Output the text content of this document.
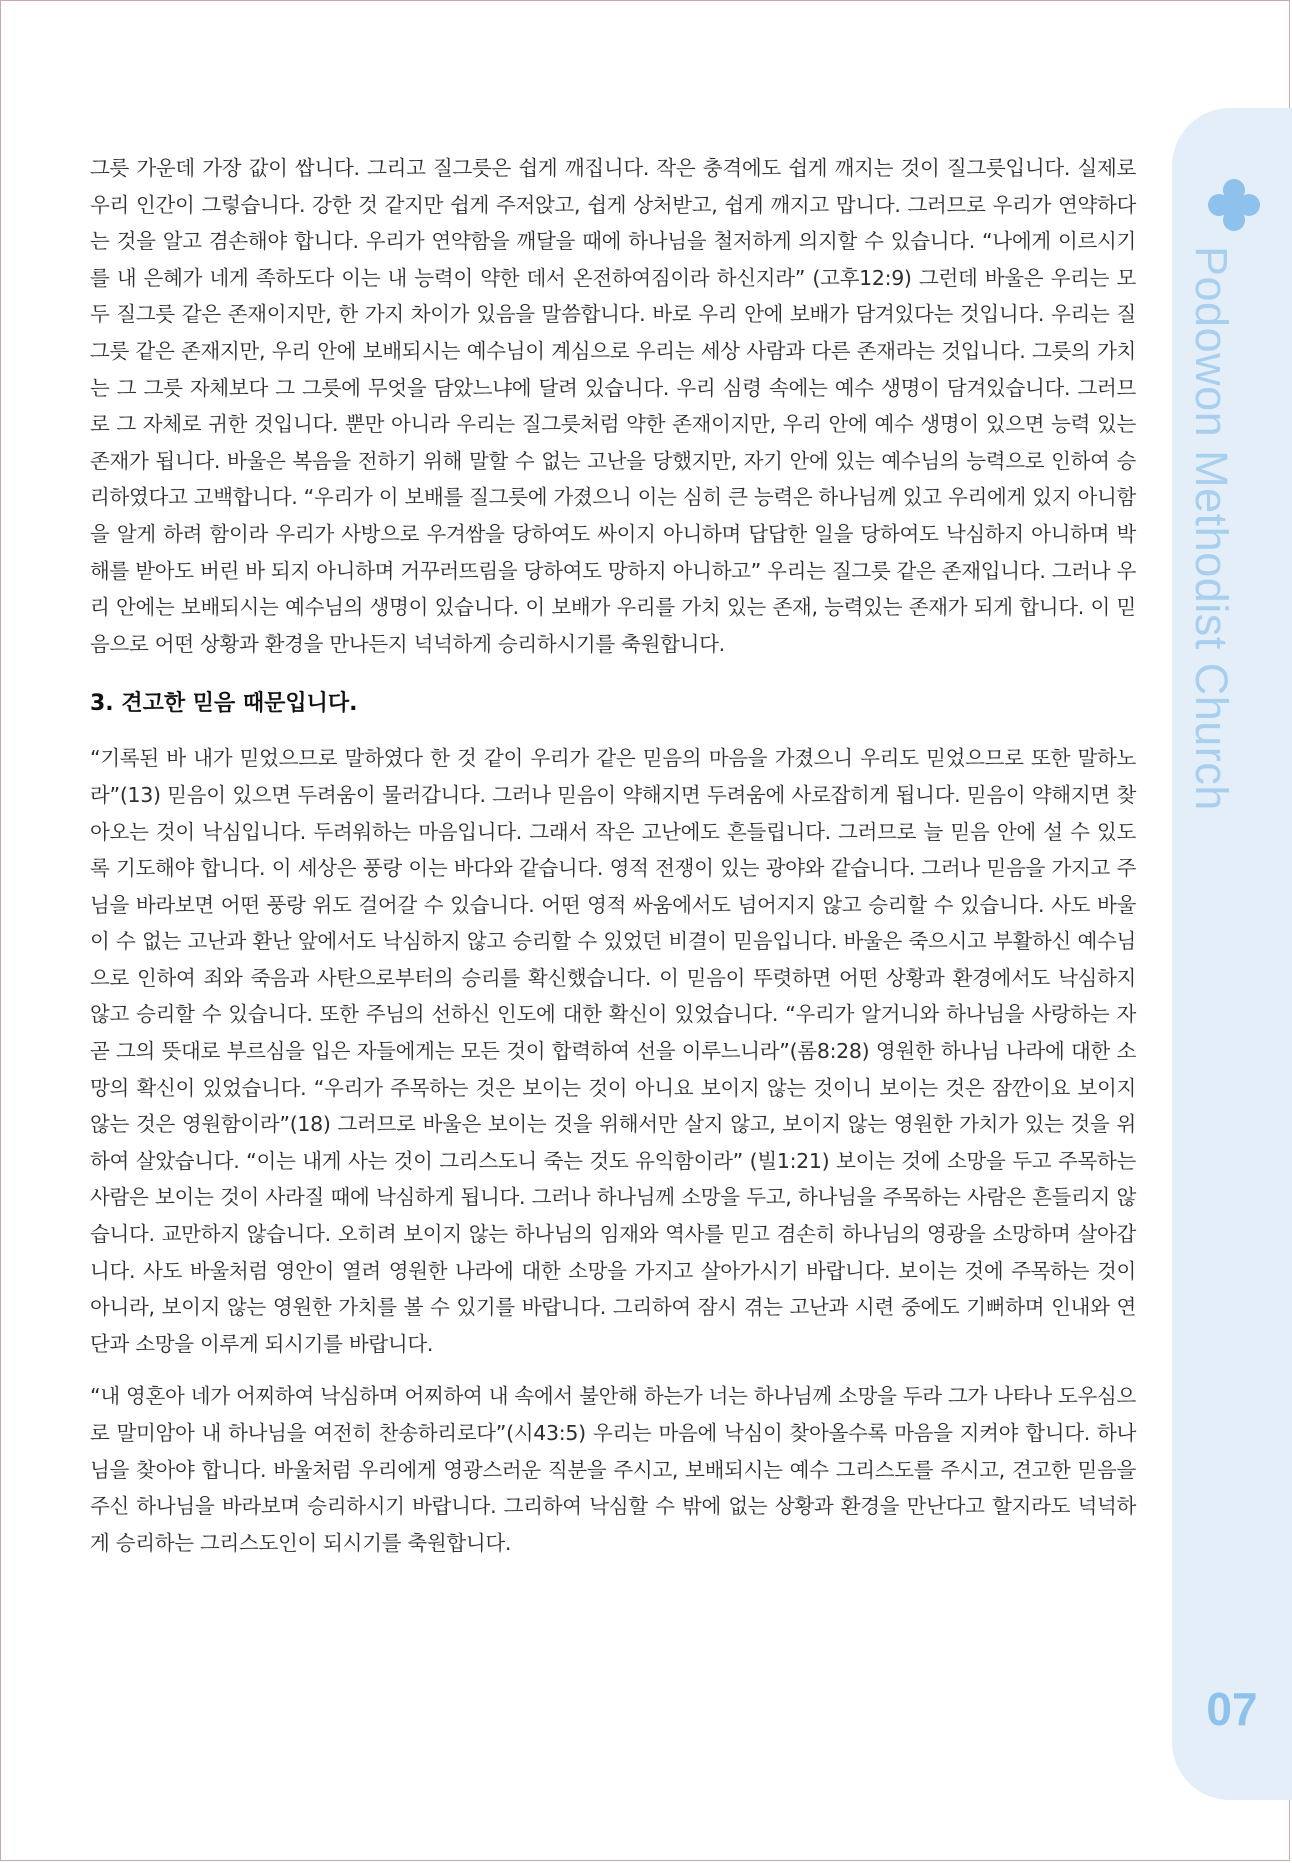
Podowon Methodist Church
07

그릇 가운데 가장 값이 쌉니다. 그리고 질그릇은 쉽게 깨집니다. 작은 충격에도 쉽게 깨지는 것이 질그릇입니다. 실제로 우리 인간이 그렇습니다. 강한 것 같지만 쉽게 주저앉고, 쉽게 상처받고, 쉽게 깨지고 맙니다. 그러므로 우리가 연약하다는 것을 알고 겸손해야 합니다. 우리가 연약함을 깨달을 때에 하나님을 철저하게 의지할 수 있습니다. “나에게 이르시기를 내 은혜가 네게 족하도다 이는 내 능력이 약한 데서 온전하여짐이라 하신지라” (고후12:9) 그런데 바울은 우리는 모두 질그릇 같은 존재이지만, 한 가지 차이가 있음을 말씀합니다. 바로 우리 안에 보배가 담겨있다는 것입니다. 우리는 질그릇 같은 존재지만, 우리 안에 보배되시는 예수님이 계심으로 우리는 세상 사람과 다른 존재라는 것입니다. 그릇의 가치는 그 그릇 자체보다 그 그릇에 무엇을 담았느냐에 달려 있습니다. 우리 심령 속에는 예수 생명이 담겨있습니다. 그러므로 그 자체로 귀한 것입니다. 뿐만 아니라 우리는 질그릇처럼 약한 존재이지만, 우리 안에 예수 생명이 있으면 능력 있는 존재가 됩니다. 바울은 복음을 전하기 위해 말할 수 없는 고난을 당했지만, 자기 안에 있는 예수님의 능력으로 인하여 승리하였다고 고백합니다. “우리가 이 보배를 질그릇에 가졌으니 이는 심히 큰 능력은 하나님께 있고 우리에게 있지 아니함을 알게 하려 함이라 우리가 사방으로 우겨쌈을 당하여도 싸이지 아니하며 답답한 일을 당하여도 낙심하지 아니하며 박해를 받아도 버린 바 되지 아니하며 거꾸러뜨림을 당하여도 망하지 아니하고” 우리는 질그릇 같은 존재입니다. 그러나 우리 안에는 보배되시는 예수님의 생명이 있습니다. 이 보배가 우리를 가치 있는 존재, 능력있는 존재가 되게 합니다. 이 믿음으로 어떤 상황과 환경을 만나든지 넉넉하게 승리하시기를 축원합니다.

3. 견고한 믿음 때문입니다.

“기록된 바 내가 믿었으므로 말하였다 한 것 같이 우리가 같은 믿음의 마음을 가졌으니 우리도 믿었으므로 또한 말하노라”(13) 믿음이 있으면 두려움이 물러갑니다. 그러나 믿음이 약해지면 두려움에 사로잡히게 됩니다. 믿음이 약해지면 찾아오는 것이 낙심입니다. 두려워하는 마음입니다. 그래서 작은 고난에도 흔들립니다. 그러므로 늘 믿음 안에 설 수 있도록 기도해야 합니다. 이 세상은 풍랑 이는 바다와 같습니다. 영적 전쟁이 있는 광야와 같습니다. 그러나 믿음을 가지고 주님을 바라보면 어떤 풍랑 위도 걸어갈 수 있습니다. 어떤 영적 싸움에서도 넘어지지 않고 승리할 수 있습니다. 사도 바울이 수 없는 고난과 환난 앞에서도 낙심하지 않고 승리할 수 있었던 비결이 믿음입니다. 바울은 죽으시고 부활하신 예수님으로 인하여 죄와 죽음과 사탄으로부터의 승리를 확신했습니다. 이 믿음이 뚜렷하면 어떤 상황과 환경에서도 낙심하지 않고 승리할 수 있습니다. 또한 주님의 선하신 인도에 대한 확신이 있었습니다. “우리가 알거니와 하나님을 사랑하는 자 곧 그의 뜻대로 부르심을 입은 자들에게는 모든 것이 합력하여 선을 이루느니라”(롬8:28) 영원한 하나님 나라에 대한 소망의 확신이 있었습니다. “우리가 주목하는 것은 보이는 것이 아니요 보이지 않는 것이니 보이는 것은 잠깐이요 보이지 않는 것은 영원함이라”(18) 그러므로 바울은 보이는 것을 위해서만 살지 않고, 보이지 않는 영원한 가치가 있는 것을 위하여 살았습니다. “이는 내게 사는 것이 그리스도니 죽는 것도 유익함이라” (빌1:21) 보이는 것에 소망을 두고 주목하는 사람은 보이는 것이 사라질 때에 낙심하게 됩니다. 그러나 하나님께 소망을 두고, 하나님을 주목하는 사람은 흔들리지 않습니다. 교만하지 않습니다. 오히려 보이지 않는 하나님의 임재와 역사를 믿고 겸손히 하나님의 영광을 소망하며 살아갑니다. 사도 바울처럼 영안이 열려 영원한 나라에 대한 소망을 가지고 살아가시기 바랍니다. 보이는 것에 주목하는 것이 아니라, 보이지 않는 영원한 가치를 볼 수 있기를 바랍니다. 그리하여 잠시 겪는 고난과 시련 중에도 기뻐하며 인내와 연단과 소망을 이루게 되시기를 바랍니다.

“내 영혼아 네가 어찌하여 낙심하며 어찌하여 내 속에서 불안해 하는가 너는 하나님께 소망을 두라 그가 나타나 도우심으로 말미암아 내 하나님을 여전히 찬송하리로다”(시43:5) 우리는 마음에 낙심이 찾아올수록 마음을 지켜야 합니다. 하나님을 찾아야 합니다. 바울처럼 우리에게 영광스러운 직분을 주시고, 보배되시는 예수 그리스도를 주시고, 견고한 믿음을 주신 하나님을 바라보며 승리하시기 바랍니다. 그리하여 낙심할 수 밖에 없는 상황과 환경을 만난다고 할지라도 넉넉하게 승리하는 그리스도인이 되시기를 축원합니다.
